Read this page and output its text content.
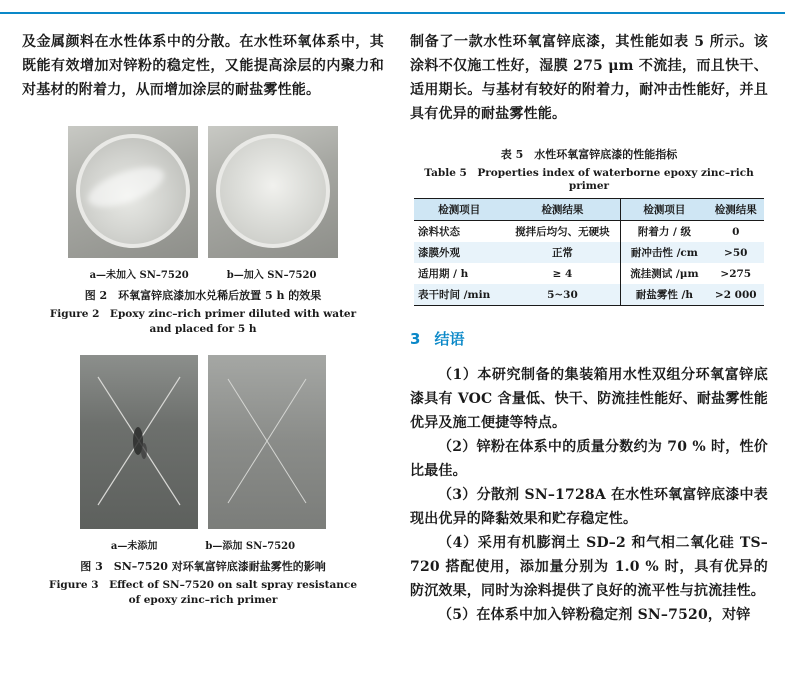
及金属颜料在水性体系中的分散。在水性环氧体系中，其既能有效增加对锌粉的稳定性，又能提高涂层的内聚力和对基材的附着力，从而增加涂层的耐盐雾性能。

a—未加入 SN–7520	b—加入 SN–7520
图 2　环氧富锌底漆加水兑稀后放置 5 h 的效果
Figure 2　Epoxy zinc–rich primer diluted with water
and placed for 5 h
a—未添加	b—添加 SN–7520
图 3　SN–7520 对环氧富锌底漆耐盐雾性的影响
Figure 3　Effect of SN–7520 on salt spray resistance
of epoxy zinc–rich primer

制备了一款水性环氧富锌底漆，其性能如表 5 所示。该涂料不仅施工性好，湿膜 275 μm 不流挂，而且快干、适用期长。与基材有较好的附着力，耐冲击性能好，并且具有优异的耐盐雾性能。

表 5　水性环氧富锌底漆的性能指标
Table 5　Properties index of waterborne epoxy zinc–rich primer
检测项目	检测结果	检测项目	检测结果
涂料状态	搅拌后均匀、无硬块	附着力 / 级	0
漆膜外观	正常	耐冲击性 /cm	>50
适用期 / h	≥ 4	流挂测试 /μm	>275
表干时间 /min	5~30	耐盐雾性 /h	>2 000
3 结语

（1）本研究制备的集装箱用水性双组分环氧富锌底漆具有 VOC 含量低、快干、防流挂性能好、耐盐雾性能优异及施工便捷等特点。

（2）锌粉在体系中的质量分数约为 70 % 时，性价比最佳。

（3）分散剂 SN–1728A 在水性环氧富锌底漆中表现出优异的降黏效果和贮存稳定性。

（4）采用有机膨润土 SD–2 和气相二氧化硅 TS–720 搭配使用，添加量分别为 1.0 % 时，具有优异的防沉效果，同时为涂料提供了良好的流平性与抗流挂性。

（5）在体系中加入锌粉稳定剂 SN–7520，对锌
